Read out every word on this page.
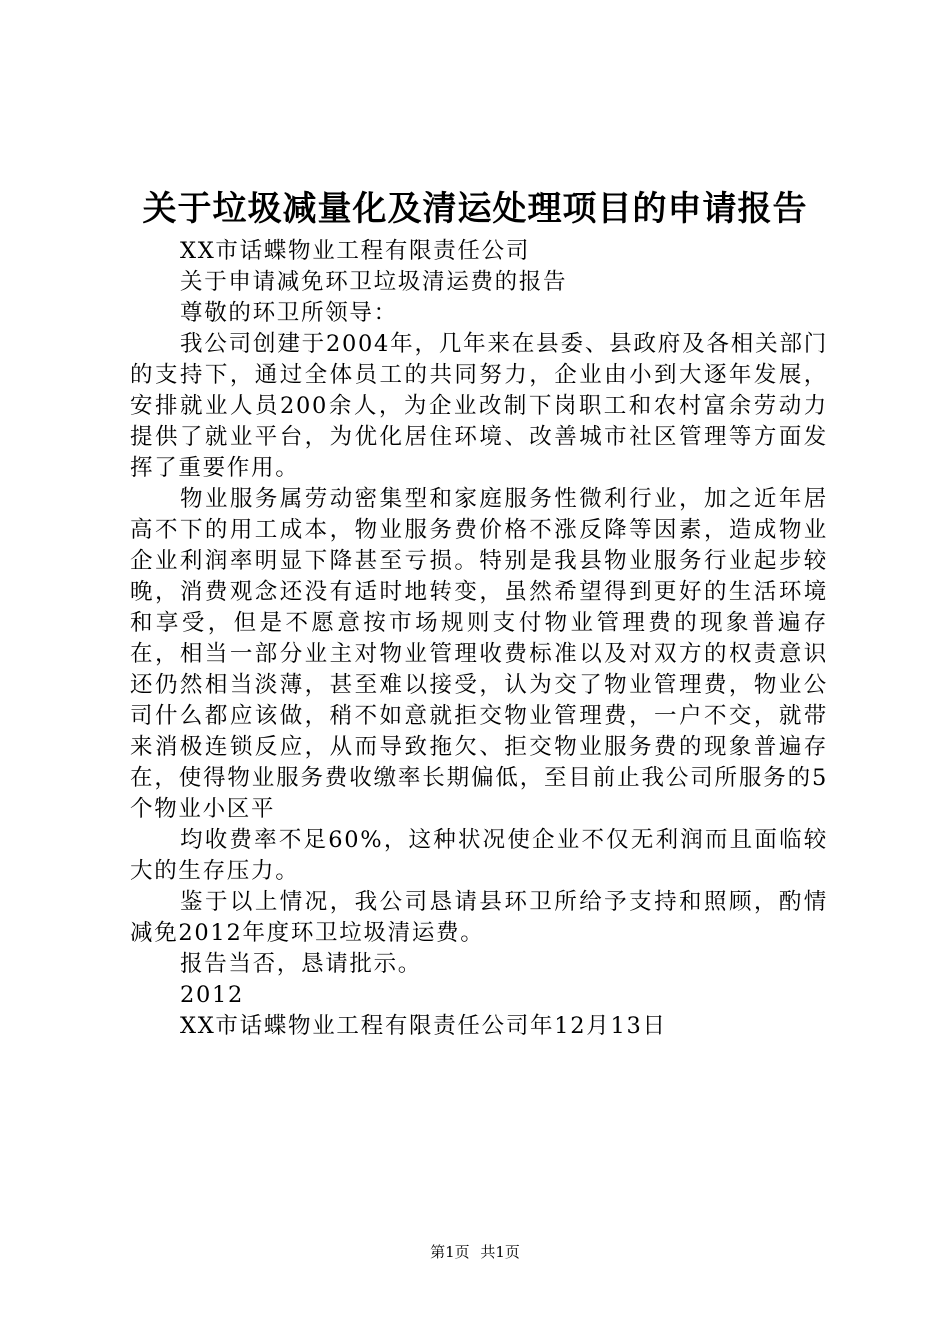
关于垃圾减量化及清运处理项目的申请报告

XX市话蝶物业工程有限责任公司

关于申请减免环卫垃圾清运费的报告

尊敬的环卫所领导：

我公司创建于2004年，几年来在县委、县政府及各相关部门的支持下，通过全体员工的共同努力，企业由小到大逐年发展，安排就业人员200余人，为企业改制下岗职工和农村富余劳动力提供了就业平台，为优化居住环境、改善城市社区管理等方面发挥了重要作用。

物业服务属劳动密集型和家庭服务性微利行业，加之近年居高不下的用工成本，物业服务费价格不涨反降等因素，造成物业企业利润率明显下降甚至亏损。特别是我县物业服务行业起步较晚，消费观念还没有适时地转变，虽然希望得到更好的生活环境和享受，但是不愿意按市场规则支付物业管理费的现象普遍存在，相当一部分业主对物业管理收费标准以及对双方的权责意识还仍然相当淡薄，甚至难以接受，认为交了物业管理费，物业公司什么都应该做，稍不如意就拒交物业管理费，一户不交，就带来消极连锁反应，从而导致拖欠、拒交物业服务费的现象普遍存在，使得物业服务费收缴率长期偏低，至目前止我公司所服务的5个物业小区平

均收费率不足60%，这种状况使企业不仅无利润而且面临较大的生存压力。

鉴于以上情况，我公司恳请县环卫所给予支持和照顾，酌情减免2012年度环卫垃圾清运费。

报告当否，恳请批示。

2012

XX市话蝶物业工程有限责任公司年12月13日

第1页 共1页
